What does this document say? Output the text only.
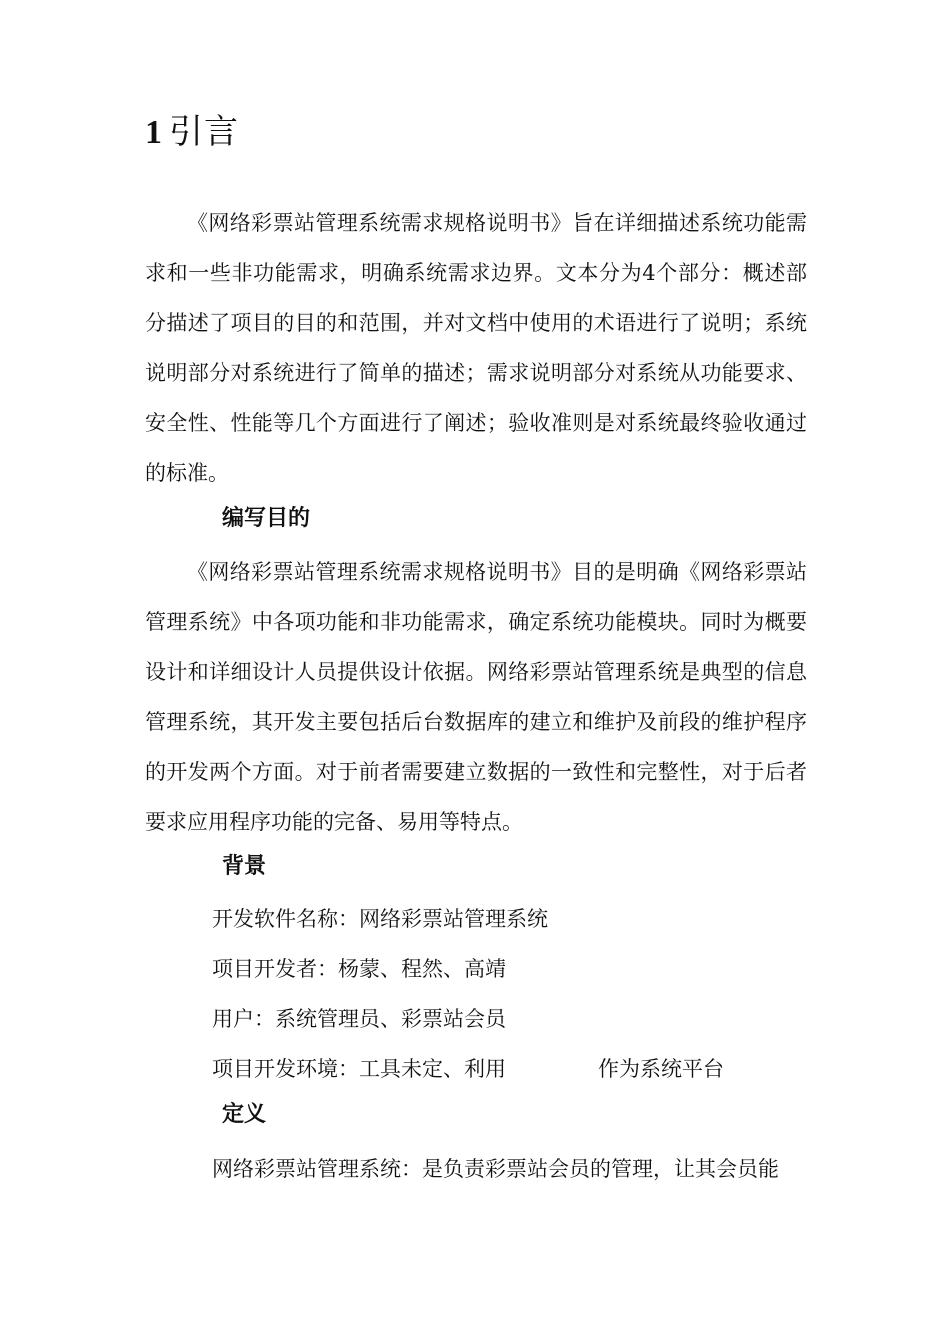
1 引言

《网络彩票站管理系统需求规格说明书》旨在详细描述系统功能需求和一些非功能需求，明确系统需求边界。文本分为4个部分：概述部分描述了项目的目的和范围，并对文档中使用的术语进行了说明；系统说明部分对系统进行了简单的描述；需求说明部分对系统从功能要求、安全性、性能等几个方面进行了阐述；验收准则是对系统最终验收通过的标准。

编写目的

《网络彩票站管理系统需求规格说明书》目的是明确《网络彩票站管理系统》中各项功能和非功能需求，确定系统功能模块。同时为概要设计和详细设计人员提供设计依据。网络彩票站管理系统是典型的信息管理系统，其开发主要包括后台数据库的建立和维护及前段的维护程序的开发两个方面。对于前者需要建立数据的一致性和完整性，对于后者要求应用程序功能的完备、易用等特点。

背景

开发软件名称：网络彩票站管理系统

项目开发者：杨蒙、程然、高靖

用户：系统管理员、彩票站会员

项目开发环境：工具未定、利用	作为系统平台

定义

网络彩票站管理系统：是负责彩票站会员的管理，让其会员能
